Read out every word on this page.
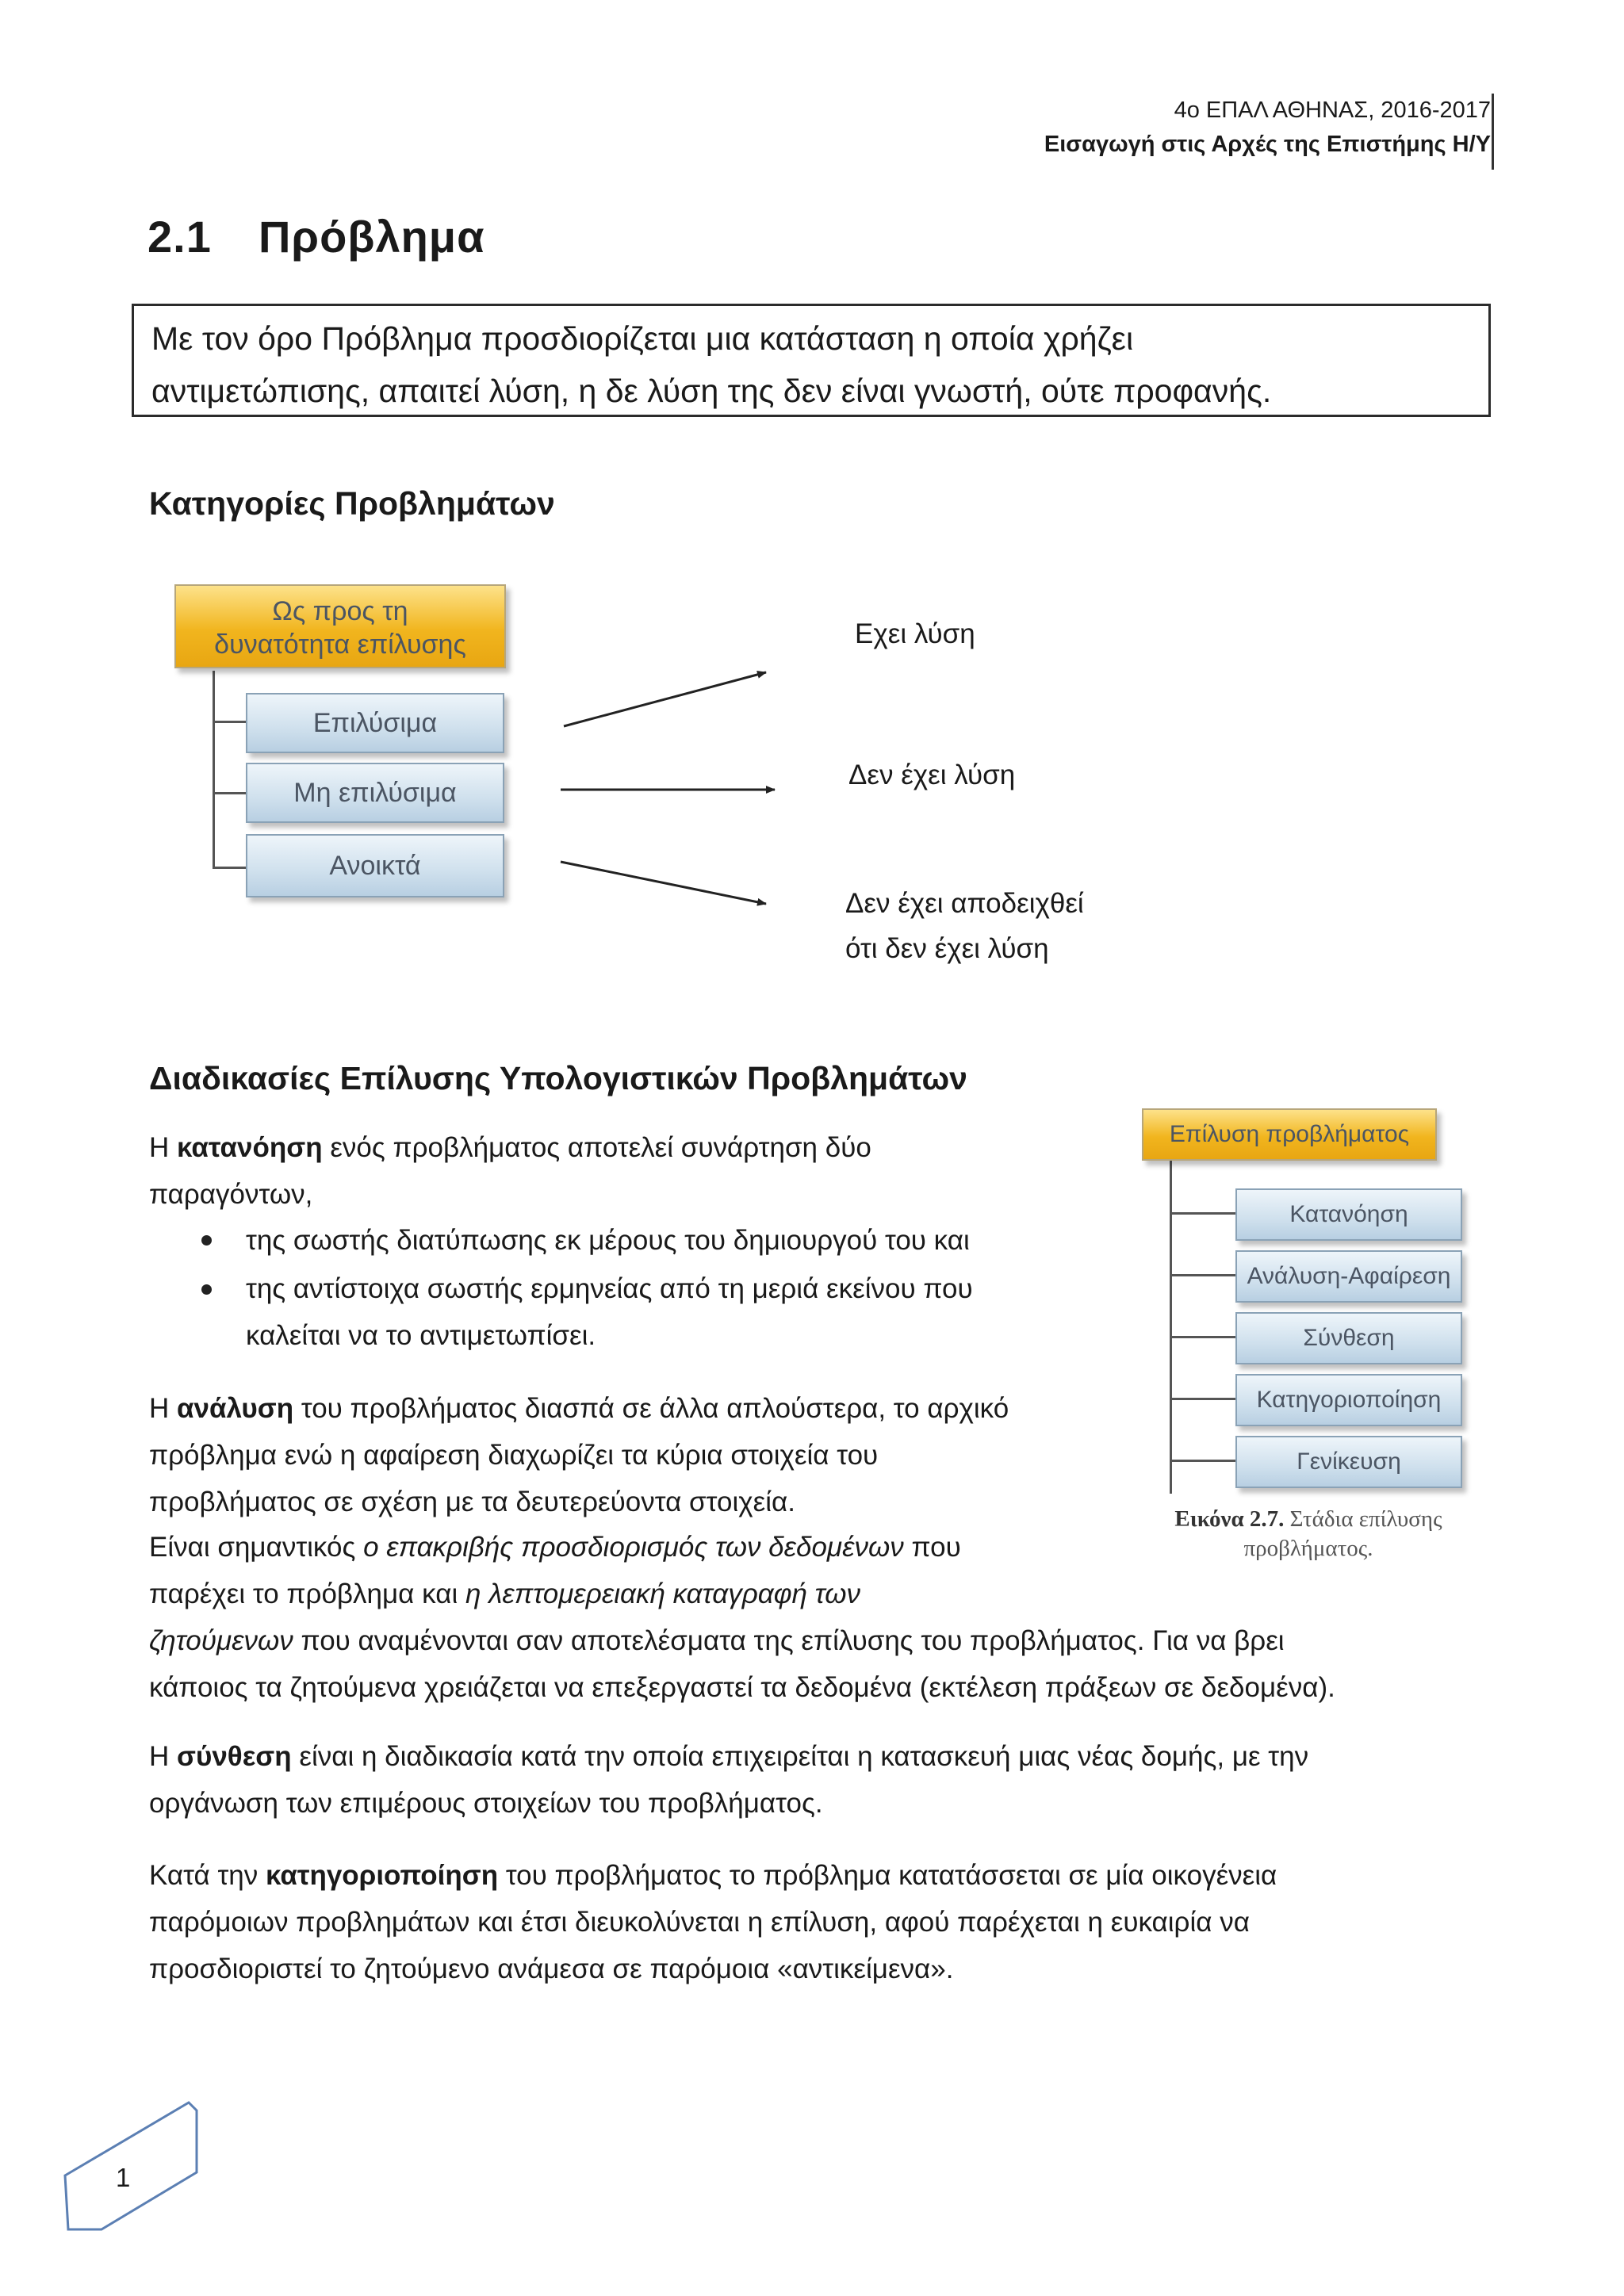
4ο ΕΠΑΛ ΑΘΗΝΑΣ, 2016-2017
Εισαγωγή στις Αρχές της Επιστήμης Η/Υ
2.1 Πρόβλημα
Με τον όρο Πρόβλημα προσδιορίζεται μια κατάσταση η οποία χρήζει
αντιμετώπισης, απαιτεί λύση, η δε λύση της δεν είναι γνωστή, ούτε προφανής.
Κατηγορίες Προβλημάτων
Ως προς τη
δυνατότητα επίλυσης
Επιλύσιμα
Μη επιλύσιμα
Ανοικτά
Εχει λύση
Δεν έχει λύση
Δεν έχει αποδειχθεί
ότι δεν έχει λύση
Διαδικασίες Επίλυσης Υπολογιστικών Προβλημάτων
Η κατανόηση ενός προβλήματος αποτελεί συνάρτηση δύο
παραγόντων,
της σωστής διατύπωσης εκ μέρους του δημιουργού του και
της αντίστοιχα σωστής ερμηνείας από τη μεριά εκείνου που
καλείται να το αντιμετωπίσει.
Η ανάλυση του προβλήματος διασπά σε άλλα απλούστερα, το αρχικό
πρόβλημα ενώ η αφαίρεση διαχωρίζει τα κύρια στοιχεία του
προβλήματος σε σχέση με τα δευτερεύοντα στοιχεία.
Είναι σημαντικός ο επακριβής προσδιορισμός των δεδομένων που
παρέχει το πρόβλημα και η λεπτομερειακή καταγραφή των
ζητούμενων που αναμένονται σαν αποτελέσματα της επίλυσης του προβλήματος. Για να βρει
κάποιος τα ζητούμενα χρειάζεται να επεξεργαστεί τα δεδομένα (εκτέλεση πράξεων σε δεδομένα).
Η σύνθεση είναι η διαδικασία κατά την οποία επιχειρείται η κατασκευή μιας νέας δομής, με την
οργάνωση των επιμέρους στοιχείων του προβλήματος.
Κατά την κατηγοριοποίηση του προβλήματος το πρόβλημα κατατάσσεται σε μία οικογένεια
παρόμοιων προβλημάτων και έτσι διευκολύνεται η επίλυση, αφού παρέχεται η ευκαιρία να
προσδιοριστεί το ζητούμενο ανάμεσα σε παρόμοια «αντικείμενα».
Επίλυση προβλήματος
Κατανόηση
Ανάλυση-Αφαίρεση
Σύνθεση
Κατηγοριοποίηση
Γενίκευση
Εικόνα 2.7. Στάδια επίλυσης
προβλήματος.
1
